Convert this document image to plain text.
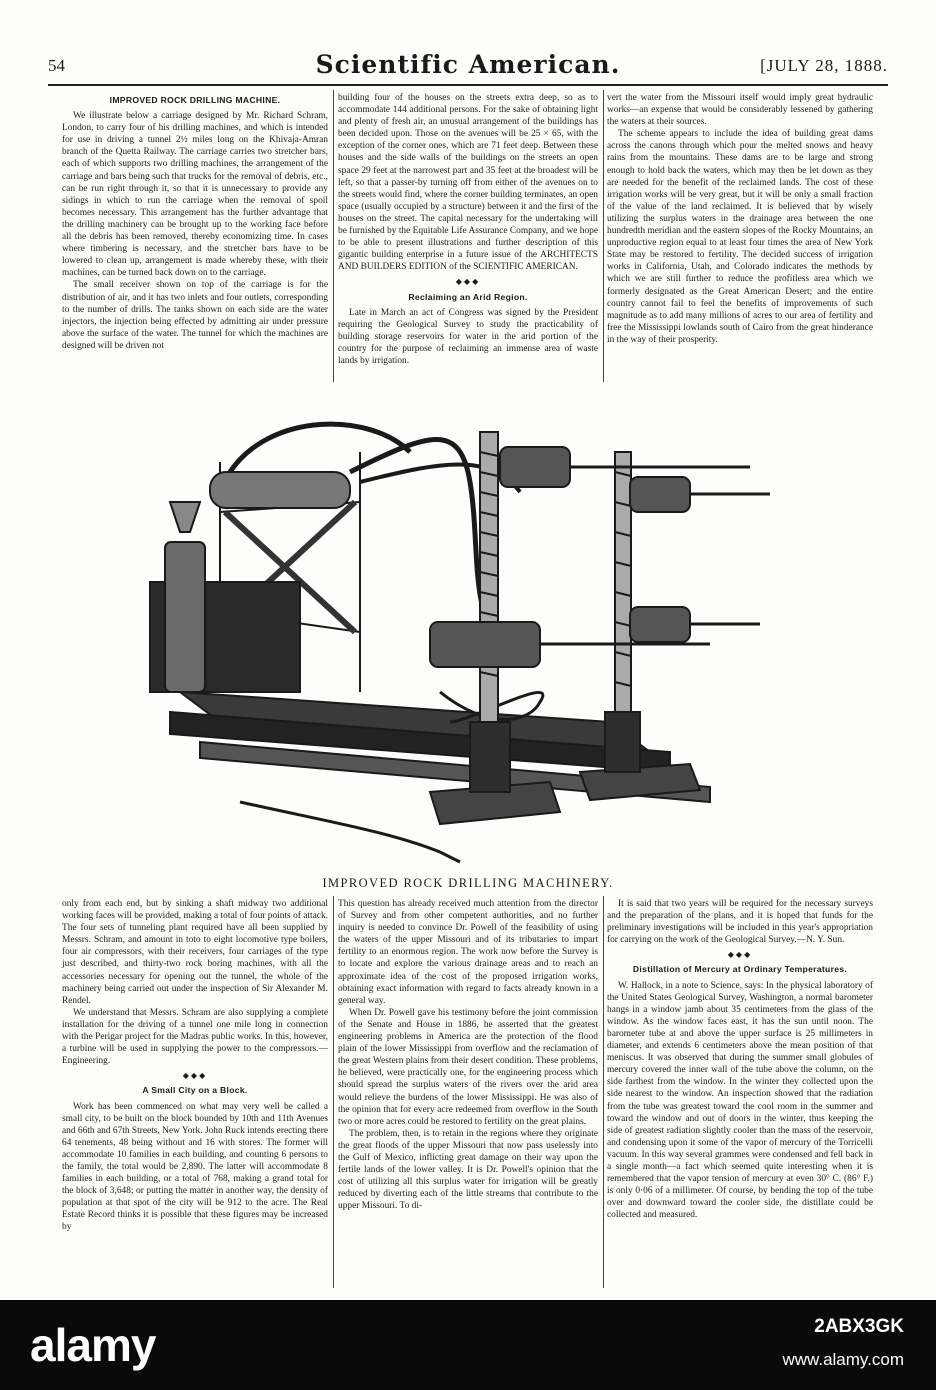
54	Scientific American.	[JULY 28, 1888.
IMPROVED ROCK DRILLING MACHINE.

We illustrate below a carriage designed by Mr. Richard Schram, London, to carry four of his drilling machines, and which is intended for use in driving a tunnel 2½ miles long on the Khivaja-Amran branch of the Quetta Railway. The carriage carries two stretcher bars, each of which supports two drilling machines, the arrangement of the carriage and bars being such that trucks for the removal of debris, etc., can be run right through it, so that it is unnecessary to provide any sidings in which to run the carriage when the removal of spoil becomes necessary. This arrangement has the further advantage that the drilling machinery can be brought up to the working face before all the debris has been removed, thereby economizing time. In cases where timbering is necessary, and the stretcher bars have to be lowered to clean up, arrangement is made whereby these, with their machines, can be turned back down on to the carriage.

The small receiver shown on top of the carriage is for the distribution of air, and it has two inlets and four outlets, corresponding to the number of drills. The tanks shown on each side are the water injectors, the injection being effected by admitting air under pressure above the surface of the water. The tunnel for which the machines are designed will be driven not

building four of the houses on the streets extra deep, so as to accommodate 144 additional persons. For the sake of obtaining light and plenty of fresh air, an unusual arrangement of the buildings has been decided upon. Those on the avenues will be 25 × 65, with the exception of the corner ones, which are 71 feet deep. Between these houses and the side walls of the buildings on the streets an open space 29 feet at the narrowest part and 35 feet at the broadest will be left, so that a passer-by turning off from either of the avenues on to the streets would find, where the corner building terminates, an open space (usually occupied by a structure) between it and the first of the houses on the street. The capital necessary for the undertaking will be furnished by the Equitable Life Assurance Company, and we hope to be able to present illustrations and further description of this gigantic building enterprise in a future issue of the ARCHITECTS AND BUILDERS EDITION of the SCIENTIFIC AMERICAN.

◆◆◆
Reclaiming an Arid Region.

Late in March an act of Congress was signed by the President requiring the Geological Survey to study the practicability of building storage reservoirs for water in the arid portion of the country for the purpose of reclaiming an immense area of waste lands by irrigation.

vert the water from the Missouri itself would imply great hydraulic works—an expense that would be considerably lessened by gathering the waters at their sources.

The scheme appears to include the idea of building great dams across the canons through which pour the melted snows and heavy rains from the mountains. These dams are to be large and strong enough to hold back the waters, which may then be let down as they are needed for the benefit of the reclaimed lands. The cost of these irrigation works will be very great, but it will be only a small fraction of the value of the land reclaimed. It is believed that by wisely utilizing the surplus waters in the drainage area between the one hundredth meridian and the eastern slopes of the Rocky Mountains, an unproductive region equal to at least four times the area of New York State may be restored to fertility. The decided success of irrigation works in California, Utah, and Colorado indicates the methods by which we are still further to reduce the profitless area which we formerly designated as the Great American Desert; and the entire country cannot fail to feel the benefits of improvements of such magnitude as to add many millions of acres to our area of fertility and free the Mississippi lowlands south of Cairo from the great hinderance in the way of their prosperity.

IMPROVED ROCK DRILLING MACHINERY.

only from each end, but by sinking a shaft midway two additional working faces will be provided, making a total of four points of attack. The four sets of tunneling plant required have all been supplied by Messrs. Schram, and amount in toto to eight locomotive type boilers, four air compressors, with their receivers, four carriages of the type just described, and thirty-two rock boring machines, with all the accessories necessary for opening out the tunnel, the whole of the machinery being carried out under the inspection of Sir Alexander M. Rendel.

We understand that Messrs. Schram are also supplying a complete installation for the driving of a tunnel one mile long in connection with the Perigar project for the Madras public works. In this, however, a turbine will be used in supplying the power to the compressors.—Engineering.

◆◆◆
A Small City on a Block.

Work has been commenced on what may very well be called a small city, to be built on the block bounded by 10th and 11th Avenues and 66th and 67th Streets, New York. John Ruck intends erecting there 64 tenements, 48 being without and 16 with stores. The former will accommodate 10 families in each building, and counting 6 persons to the family, the total would be 2,890. The latter will accommodate 8 families in each building, or a total of 768, making a grand total for the block of 3,648; or putting the matter in another way, the density of population at that spot of the city will be 912 to the acre. The Real Estate Record thinks it is possible that these figures may be increased by

This question has already received much attention from the director of Survey and from other competent authorities, and no further inquiry is needed to convince Dr. Powell of the feasibility of using the waters of the upper Missouri and of its tributaries to impart fertility to an enormous region. The work now before the Survey is to locate and explore the various drainage areas and to reach an approximate idea of the cost of the proposed irrigation works, obtaining exact information with regard to facts already known in a general way.

When Dr. Powell gave his testimony before the joint commission of the Senate and House in 1886, he asserted that the greatest engineering problems in America are the protection of the flood plain of the lower Mississippi from overflow and the reclamation of the great Western plains from their desert condition. These problems, he believed, were practically one, for the engineering process which should spread the surplus waters of the rivers over the arid area would relieve the burdens of the lower Mississippi. He was also of the opinion that for every acre redeemed from overflow in the South two or more acres could be restored to fertility on the great plains.

The problem, then, is to retain in the regions where they originate the great floods of the upper Missouri that now pass uselessly into the Gulf of Mexico, inflicting great damage on their way upon the fertile lands of the lower valley. It is Dr. Powell's opinion that the cost of utilizing all this surplus water for irrigation will be greatly reduced by diverting each of the little streams that contribute to the upper Missouri. To di-

It is said that two years will be required for the necessary surveys and the preparation of the plans, and it is hoped that funds for the preliminary investigations will be included in this year's appropriation for carrying on the work of the Geological Survey.—N. Y. Sun.

◆◆◆
Distillation of Mercury at Ordinary Temperatures.

W. Hallock, in a note to Science, says: In the physical laboratory of the United States Geological Survey, Washington, a normal barometer hangs in a window jamb about 35 centimeters from the glass of the window. As the window faces east, it has the sun until noon. The barometer tube at and above the upper surface is 25 millimeters in diameter, and extends 6 centimeters above the mean position of that meniscus. It was observed that during the summer small globules of mercury covered the inner wall of the tube above the column, on the side farthest from the window. In the winter they collected upon the side nearest to the window. An inspection showed that the radiation from the tube was greatest toward the cool room in the summer and toward the window and out of doors in the winter, thus keeping the side of greatest radiation slightly cooler than the mass of the reservoir, and condensing upon it some of the vapor of mercury of the Torricelli vacuum. In this way several grammes were condensed and fell back in a single month—a fact which seemed quite interesting when it is remembered that the vapor tension of mercury at even 30° C. (86° F.) is only 0·06 of a millimeter. Of course, by bending the top of the tube over and downward toward the cooler side, the distillate could be collected and measured.

alamy	2ABX3GK
www.alamy.com
